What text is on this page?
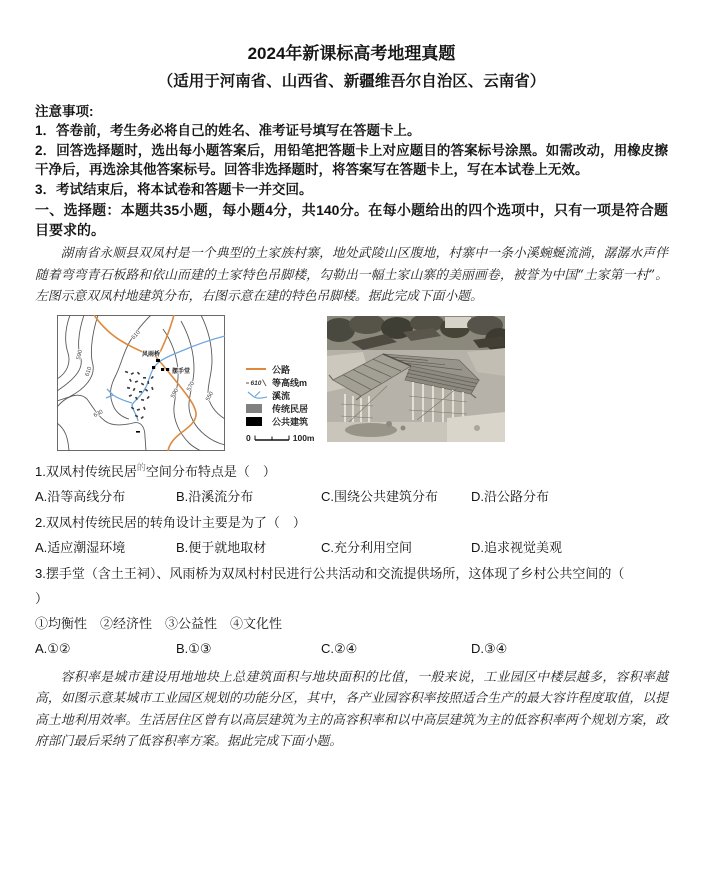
2024年新课标高考地理真题
（适用于河南省、山西省、新疆维吾尔自治区、云南省）
注意事项:
1．答卷前，考生务必将自己的姓名、准考证号填写在答题卡上。
2．回答选择题时，选出每小题答案后，用铅笔把答题卡上对应题目的答案标号涂黑。如需改动，用橡皮擦干净后，再选涂其他答案标号。回答非选择题时，将答案写在答题卡上，写在本试卷上无效。
3．考试结束后，将本试卷和答题卡一并交回。
一、选择题：本题共35小题，每小题4分，共140分。在每小题给出的四个选项中，只有一项是符合题目要求的。
湖南省永顺县双凤村是一个典型的土家族村寨，地处武陵山区腹地，村寨中一条小溪蜿蜒流淌，潺潺水声伴随着弯弯青石板路和依山而建的土家特色吊脚楼，勾勒出一幅土家山寨的美丽画卷，被誉为中国“土家第一村”。左图示意双凤村地建筑分布，右图示意在建的特色吊脚楼。据此完成下面小题。
风雨桥
摆手堂
590
610
610
630
590
570
550
公路
610 等高线m
溪流
传统民居
公共建筑
0	100m
1.双凤村传统民居$^的$空间分布特点是（　）
A.沿等高线分布	B.沿溪流分布	C.围绕公共建筑分布	D.沿公路分布
2.双凤村传统民居的转角设计主要是为了（　）
A.适应潮湿环境	B.便于就地取材	C.充分利用空间	D.追求视觉美观
3.摆手堂（含土王祠）、风雨桥为双凤村村民进行公共活动和交流提供场所，这体现了乡村公共空间的（
）
①均衡性　②经济性　③公益性　④文化性
A.①②	B.①③	C.②④	D.③④
容积率是城市建设用地地块上总建筑面积与地块面积的比值，一般来说，工业园区中楼层越多，容积率越高，如图示意某城市工业园区规划的功能分区，其中，各产业园容积率按照适合生产的最大容许程度取值，以提高土地利用效率。生活居住区曾有以高层建筑为主的高容积率和以中高层建筑为主的低容积率两个规划方案，政府部门最后采纳了低容积率方案。据此完成下面小题。
